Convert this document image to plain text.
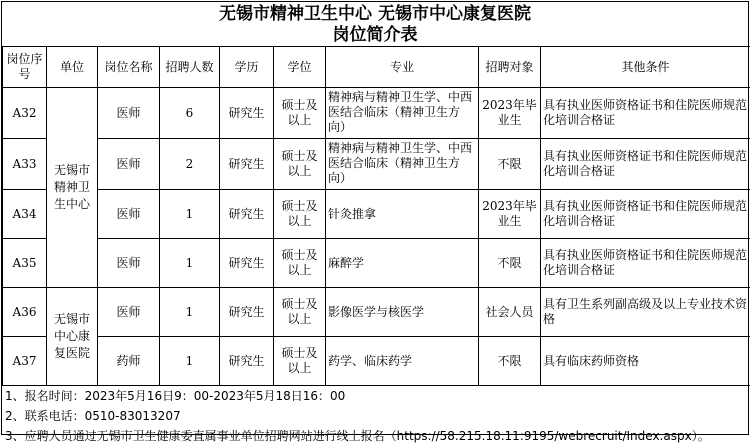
无锡市精神卫生中心 无锡市中心康复医院
岗位简介表
岗位序号	单位	岗位名称	招聘人数	学历	学位	专业	招聘对象	其他条件
A32	无锡市精神卫生中心	医师	6	研究生	硕士及以上	精神病与精神卫生学、中西医结合临床（精神卫生方向）	2023年毕业生	具有执业医师资格证书和住院医师规范化培训合格证
A33		医师	2	研究生	硕士及以上	精神病与精神卫生学、中西医结合临床（精神卫生方向）	不限	具有执业医师资格证书和住院医师规范化培训合格证
A34		医师	1	研究生	硕士及以上	针灸推拿	2023年毕业生	具有执业医师资格证书和住院医师规范化培训合格证
A35		医师	1	研究生	硕士及以上	麻醉学	不限	具有执业医师资格证书和住院医师规范化培训合格证
A36	无锡市中心康复医院	医师	1	研究生	硕士及以上	影像医学与核医学	社会人员	具有卫生系列副高级及以上专业技术资格
A37		药师	1	研究生	硕士及以上	药学、临床药学	不限	具有临床药师资格
1、报名时间：2023年5月16日9：00-2023年5月18日16：00
2、联系电话：0510-83013207
3、应聘人员通过无锡市卫生健康委直属事业单位招聘网站进行线上报名（https://58.215.18.11:9195/webrecruit/Index.aspx）。
